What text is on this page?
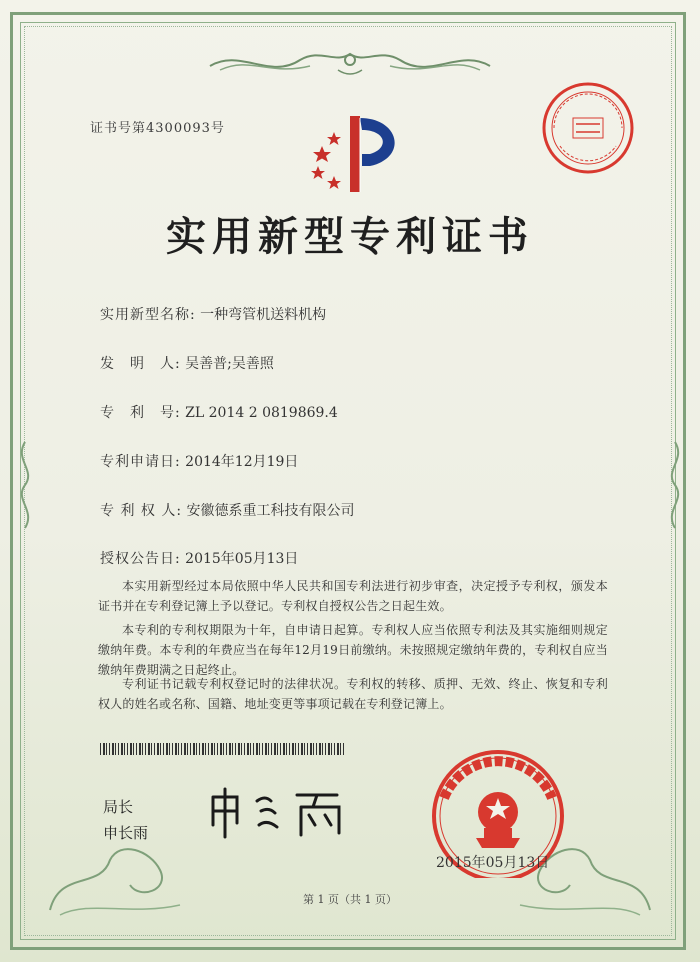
证书号第4300093号
实用新型专利证书
实用新型名称: 一种弯管机送料机构
发　明　人: 吴善普;吴善照
专　利　号: ZL 2014 2 0819869.4
专利申请日: 2014年12月19日
专 利 权 人: 安徽德系重工科技有限公司
授权公告日: 2015年05月13日
本实用新型经过本局依照中华人民共和国专利法进行初步审查，决定授予专利权，颁发本证书并在专利登记簿上予以登记。专利权自授权公告之日起生效。
本专利的专利权期限为十年，自申请日起算。专利权人应当依照专利法及其实施细则规定缴纳年费。本专利的年费应当在每年12月19日前缴纳。未按照规定缴纳年费的，专利权自应当缴纳年费期满之日起终止。
专利证书记载专利权登记时的法律状况。专利权的转移、质押、无效、终止、恢复和专利权人的姓名或名称、国籍、地址变更等事项记载在专利登记簿上。
局长
申长雨
2015年05月13日
第 1 页（共 1 页）
